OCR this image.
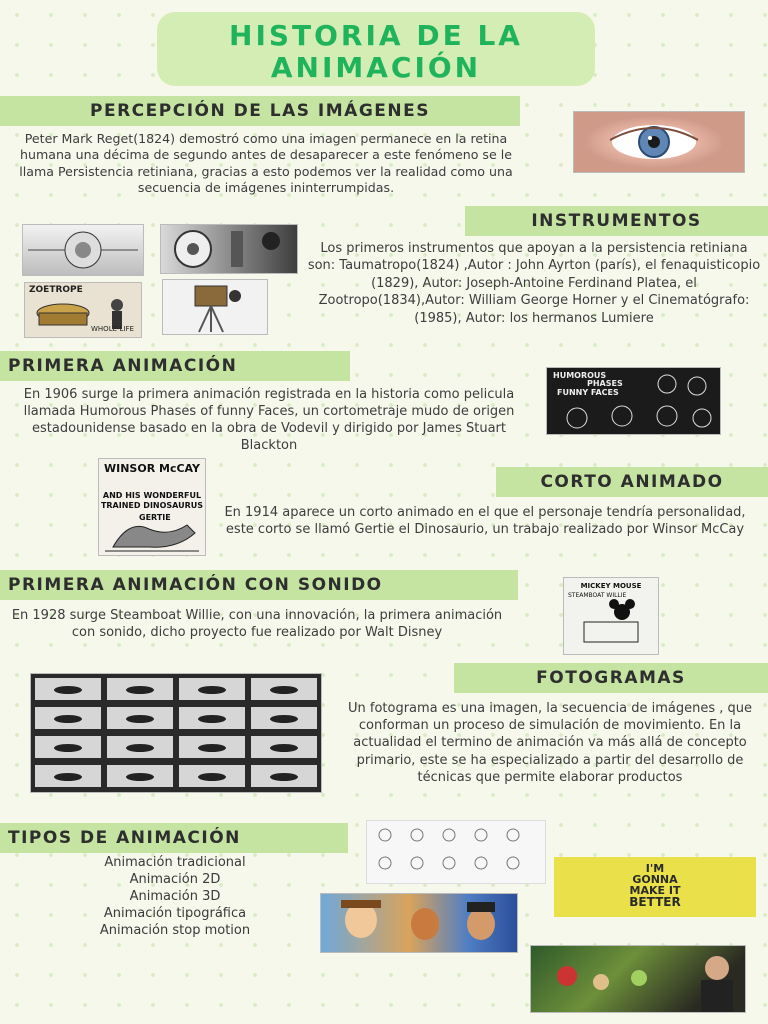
HISTORIA DE LA
ANIMACIÓN
PERCEPCIÓN DE LAS IMÁGENES
Peter Mark Reget(1824) demostró como una imagen permanece en la retina humana una décima de segundo antes de desaparecer a este fenómeno se le llama Persistencia retiniana, gracias a esto podemos ver la realidad como una secuencia de imágenes ininterrumpidas.
INSTRUMENTOS
Los primeros instrumentos que apoyan a la persistencia retiniana son: Taumatropo(1824) ,Autor : John Ayrton (parís), el fenaquisticopio (1829), Autor: Joseph-Antoine Ferdinand Platea, el Zootropo(1834),Autor: William George Horner y el Cinematógrafo:(1985), Autor: los hermanos Lumiere
ZOETROPE
WHOLE-LIFE
PRIMERA ANIMACIÓN
En 1906 surge la primera animación registrada en la historia como pelicula llamada Humorous Phases of funny Faces, un cortometraje mudo de origen estadounidense basado en la obra de Vodevil y dirigido por James Stuart Blackton
HUMOROUS
PHASES
FUNNY FACES
WINSOR McCAY
AND HIS WONDERFUL
TRAINED DINOSAURUS
GERTIE
CORTO ANIMADO
En 1914 aparece un corto animado en el que el personaje tendría personalidad, este corto se llamó Gertie el Dinosaurio, un trabajo realizado por Winsor McCay
PRIMERA ANIMACIÓN CON SONIDO
En 1928 surge Steamboat Willie, con una innovación, la primera animación con sonido, dicho proyecto fue realizado por Walt Disney
MICKEY MOUSE
STEAMBOAT WILLIE
FOTOGRAMAS
Un fotograma es una imagen, la secuencia de imágenes , que conforman un proceso de simulación de movimiento. En la actualidad el termino de animación va más allá de concepto primario, este se ha especializado a partir del desarrollo de técnicas que permite elaborar productos
TIPOS DE ANIMACIÓN
Animación tradicional
Animación 2D
Animación 3D
Animación tipográfica
Animación stop motion
I'M
GONNA
MAKE IT
BETTER
